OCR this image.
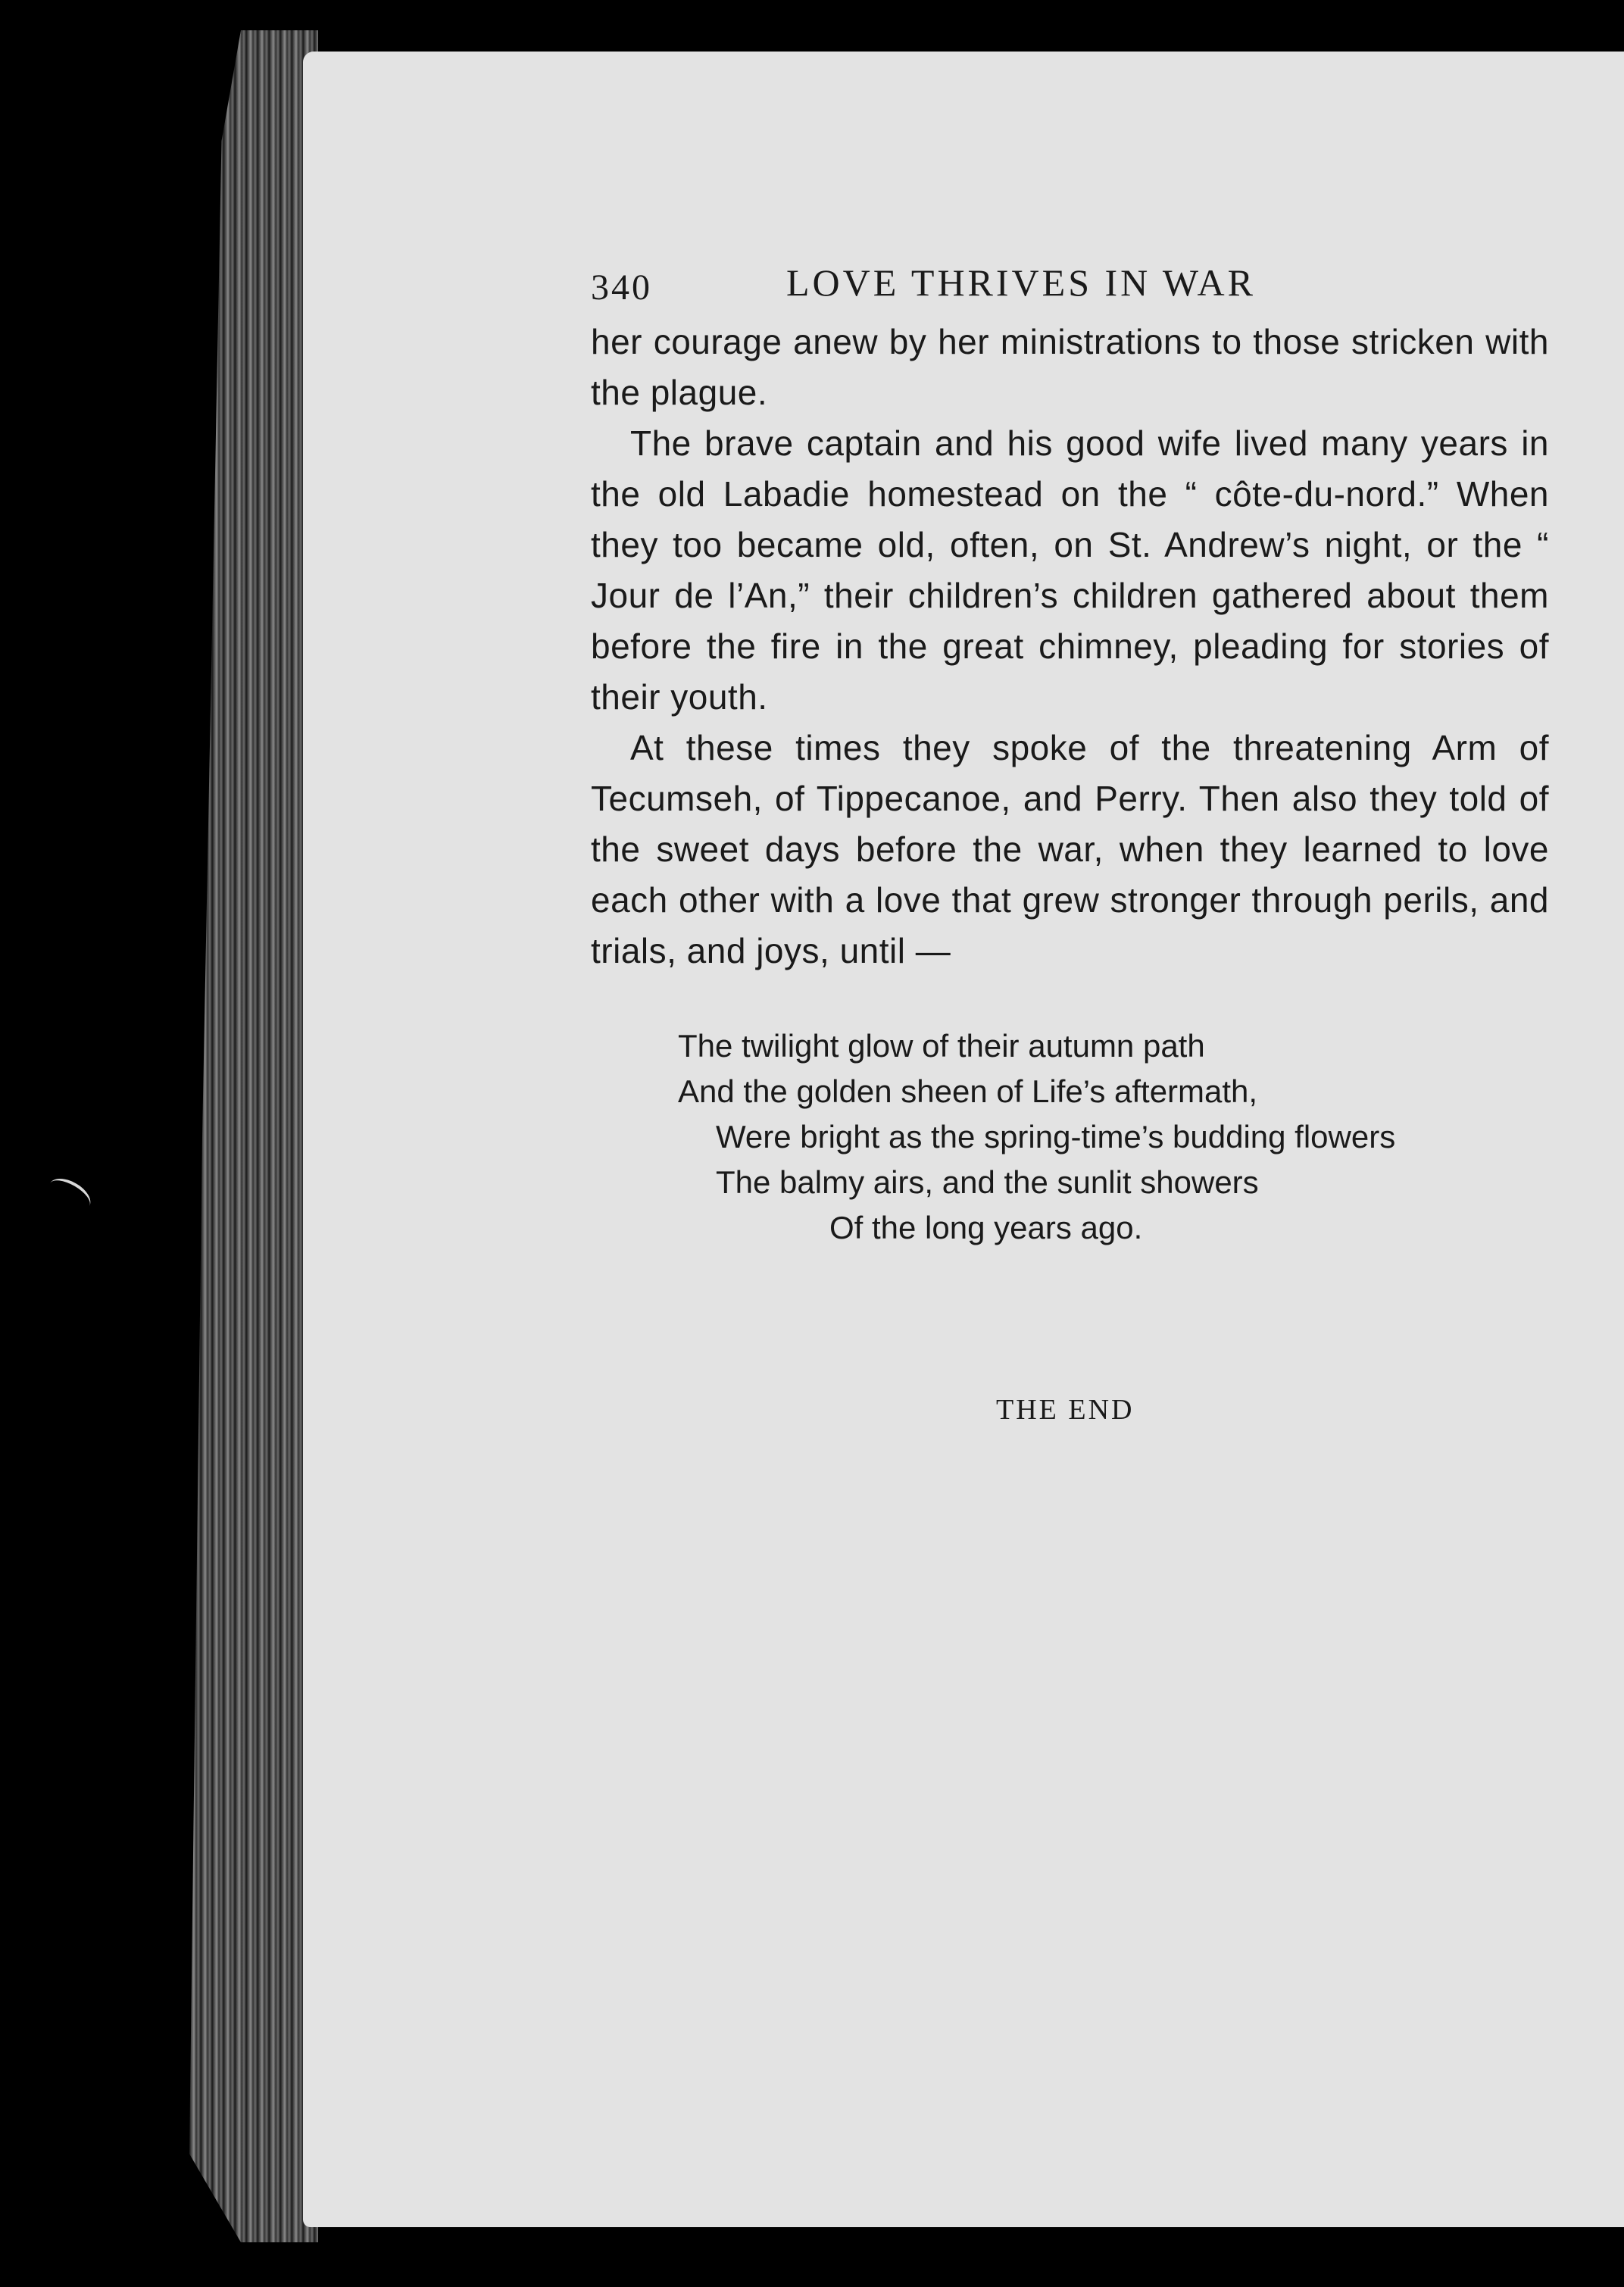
340	LOVE THRIVES IN WAR

her courage anew by her ministrations to those stricken with the plague.

The brave captain and his good wife lived many years in the old Labadie homestead on the “ côte-du-nord.” When they too became old, often, on St. Andrew’s night, or the “ Jour de l’An,” their children’s children gathered about them before the fire in the great chimney, pleading for stories of their youth.

At these times they spoke of the threatening Arm of Tecumseh, of Tippecanoe, and Perry. Then also they told of the sweet days before the war, when they learned to love each other with a love that grew stronger through perils, and trials, and joys, until —

The twilight glow of their autumn path
And the golden sheen of Life’s aftermath,
Were bright as the spring-time’s budding flowers
The balmy airs, and the sunlit showers
Of the long years ago.
THE END
